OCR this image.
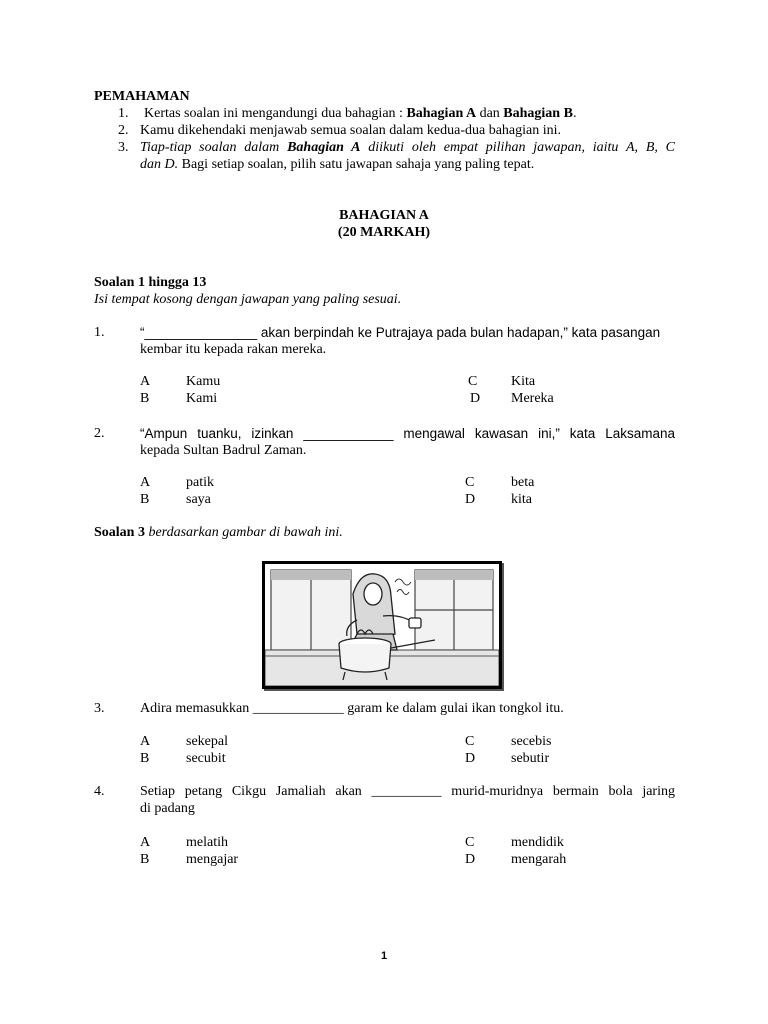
PEMAHAMAN
1. Kertas soalan ini mengandungi dua bahagian : Bahagian A dan Bahagian B.
2. Kamu dikehendaki menjawab semua soalan dalam kedua-dua bahagian ini.
3. Tiap-tiap soalan dalam Bahagian A diikuti oleh empat pilihan jawapan, iaitu A, B, C
dan D. Bagi setiap soalan, pilih satu jawapan sahaja yang paling tepat.
BAHAGIAN A
(20 MARKAH)
Soalan 1 hingga 13
Isi tempat kosong dengan jawapan yang paling sesuai.
1.	“_______________ akan berpindah ke Putrajaya pada bulan hadapan,” kata pasangan
kembar itu kepada rakan mereka.
A	Kamu
B	Kami
C Kita
D Mereka
2.	“Ampun tuanku, izinkan ____________ mengawal kawasan ini,” kata Laksamana
kepada Sultan Badrul Zaman.
A	patik
B	saya
C	beta
D	kita
Soalan 3 berdasarkan gambar di bawah ini.
3.	Adira memasukkan _____________ garam ke dalam gulai ikan tongkol itu.
A	sekepal
B	secubit
C	secebis
D	sebutir
4.	Setiap petang Cikgu Jamaliah akan __________ murid-muridnya bermain bola jaring
di padang
A	melatih
B	mengajar
C	mendidik
D	mengarah
1
